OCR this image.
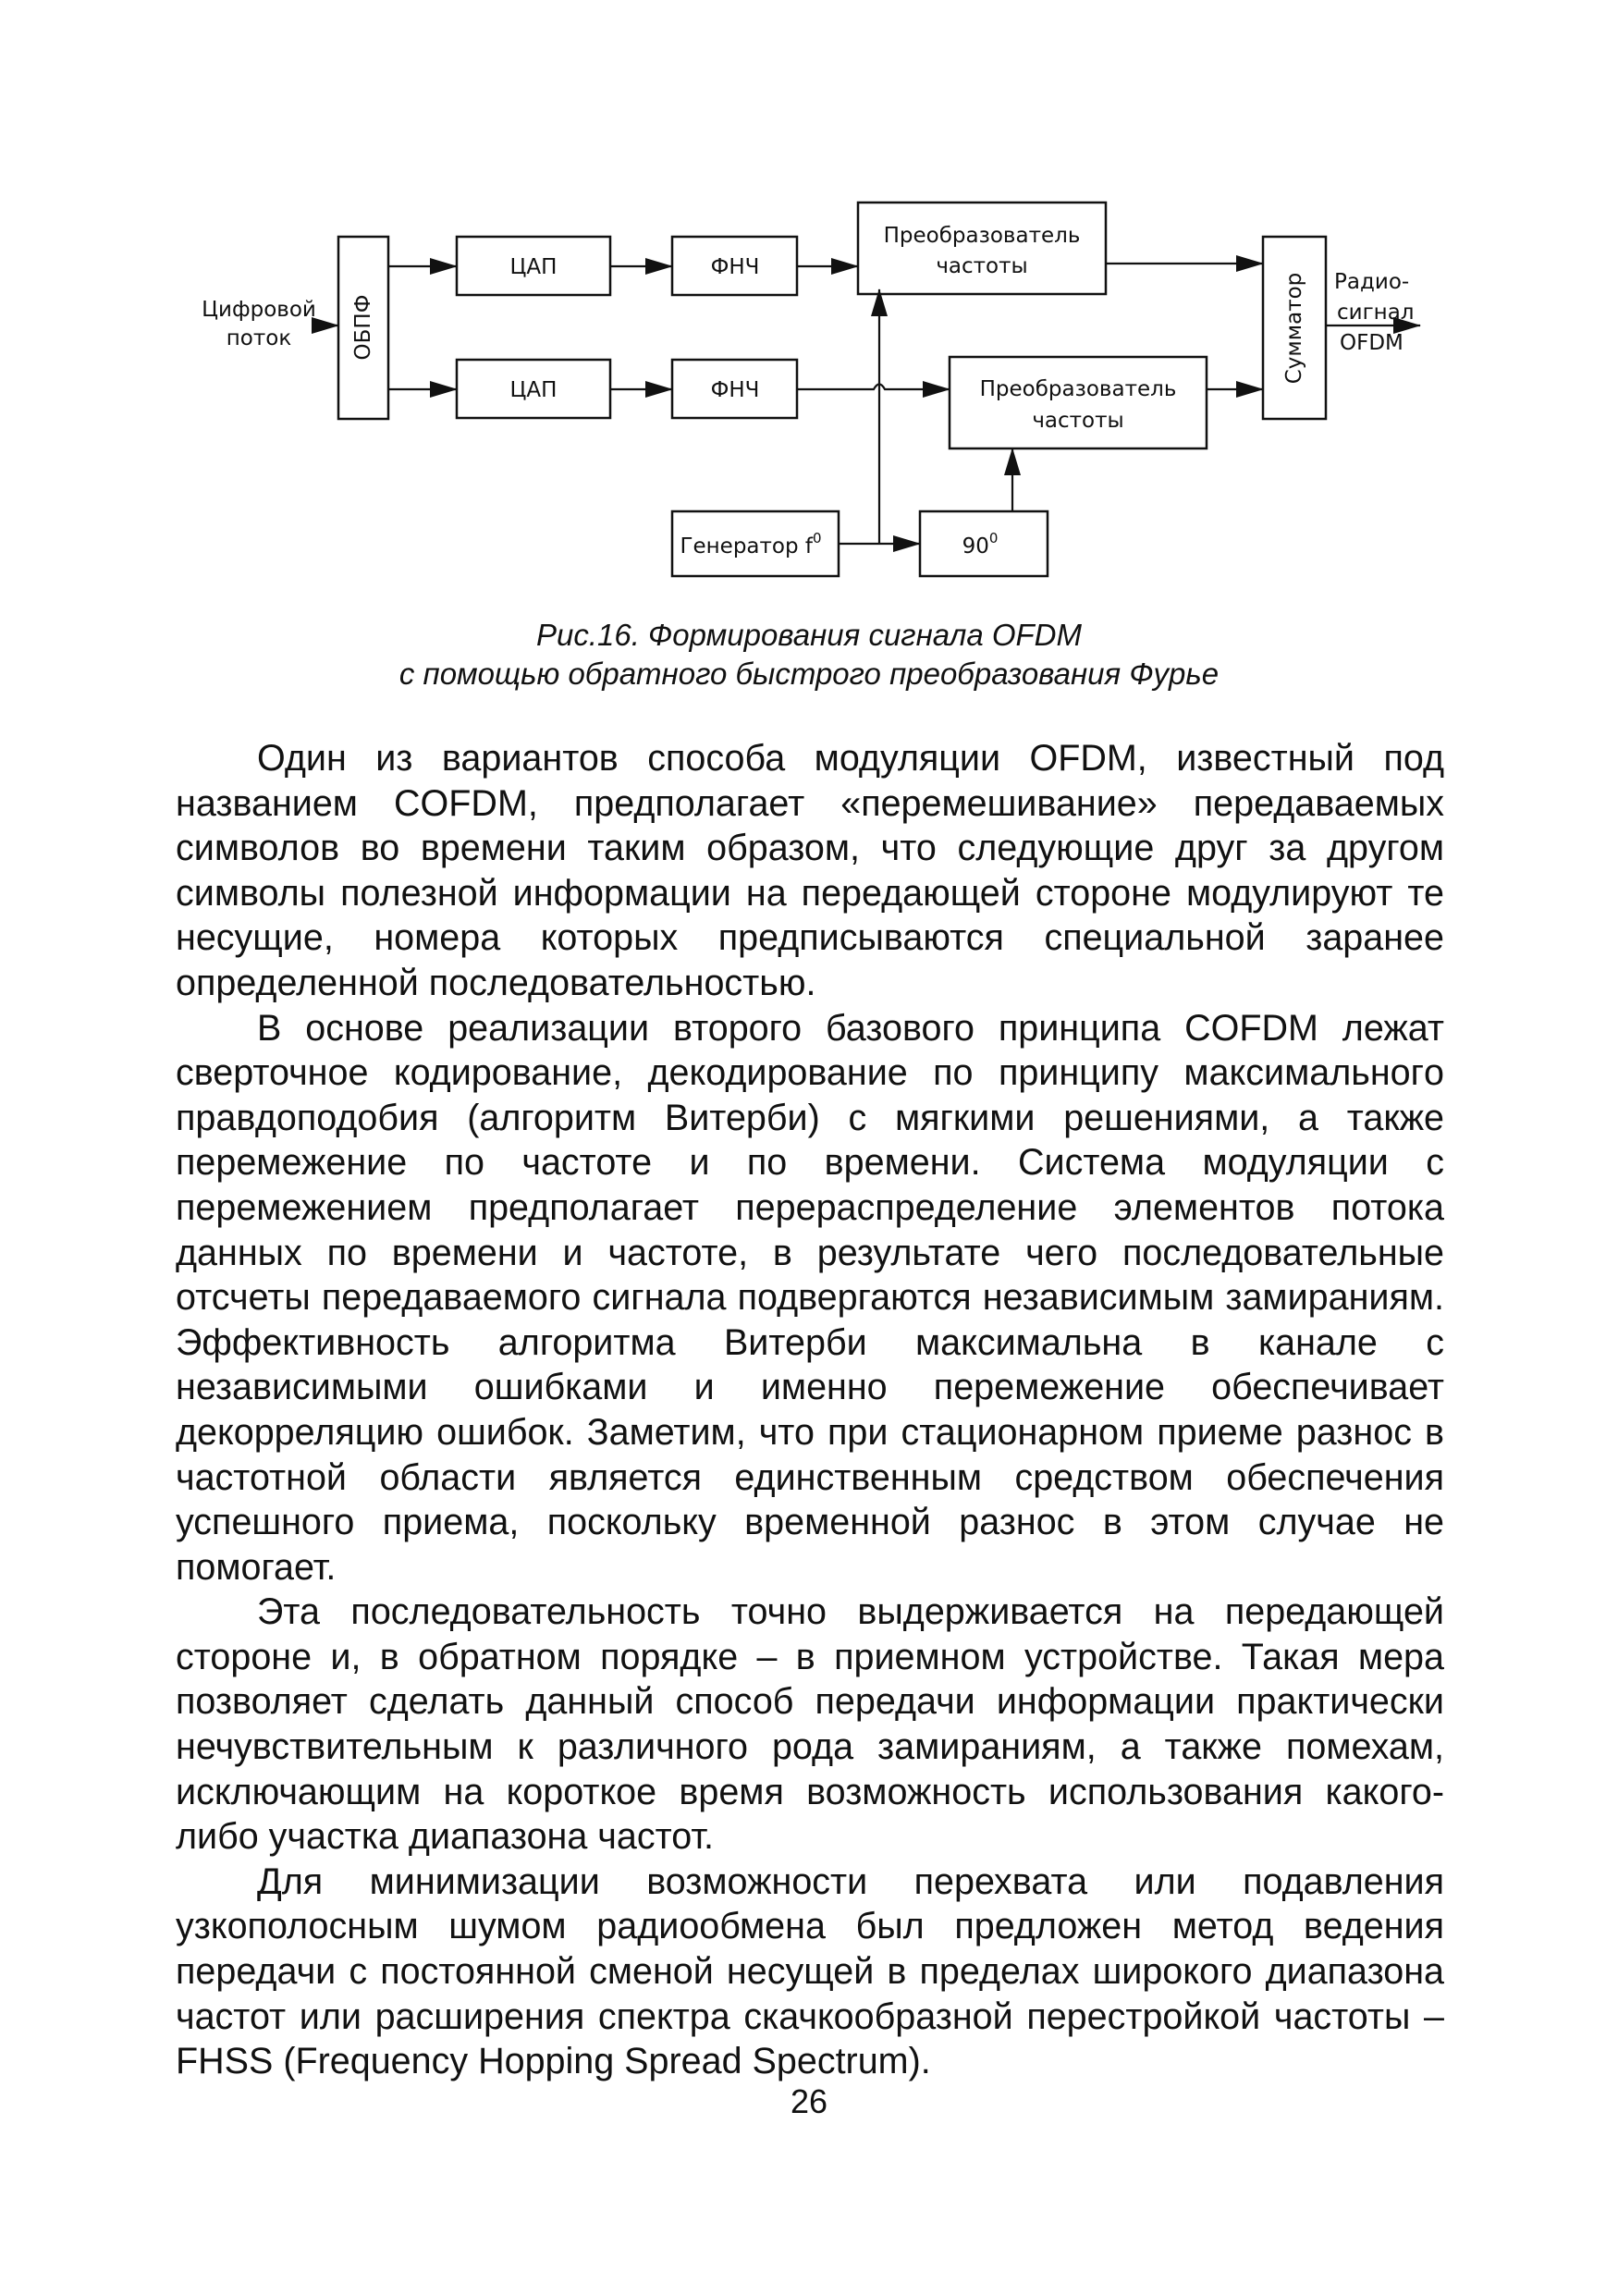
Цифровой
поток	ОБПФ
ЦАП
ЦАП
ФНЧ
ФНЧ
Преобразователь
частоты
Преобразователь
частоты
Сумматор Радио-
сигнал
OFDM
Генератор $f^0$	$90^0$
Рис.16. Формирования сигнала OFDM
с помощью обратного быстрого преобразования Фурье

Один из вариантов способа модуляции OFDM, известный под названием COFDM, предполагает «перемешивание» передаваемых символов во времени таким образом, что следующие друг за другом символы полезной информации на передающей стороне модулируют те несущие, номера которых предписываются специальной заранее определенной последовательностью.

В основе реализации второго базового принципа COFDM лежат сверточное кодирование, декодирование по принципу максимальногo правдоподобия (алгоритм Витерби) с мягкими решениями, а также перемежение по частоте и по времени. Система модуляции с перемежением предполагает перераспределение элементов потока данных по времени и частоте, в результате чего последовательные отсчеты передаваемого сигнала подвергаются независимым замираниям. Эффективность алгоритма Витерби максимальна в канале с независимыми ошибками и именно перемежение обеспечивает декорреляцию ошибок. Заметим, что при стационарном приеме разнос в частотной области является единственным средством обеспечения успешного приема, поскольку временной разнос в этом случае не помогает.

Эта последовательность точно выдерживается на передающей стороне и, в обратном порядке – в приемном устройстве. Такая мера позволяет сделать данный способ передачи информации практически нечувствительным к различного рода замираниям, а также помехам, исключающим на короткое время возможность использования какого-либо участка диапазона частот.

Для минимизации возможности перехвата или подавления узкополосным шумом радиообмена был предложен метод ведения передачи с постоянной сменой несущей в пределах широкого диапазона частот или расширения спектра скачкообразной перестройкой частоты – FHSS (Frequency Hopping Spread Spectrum).

26
